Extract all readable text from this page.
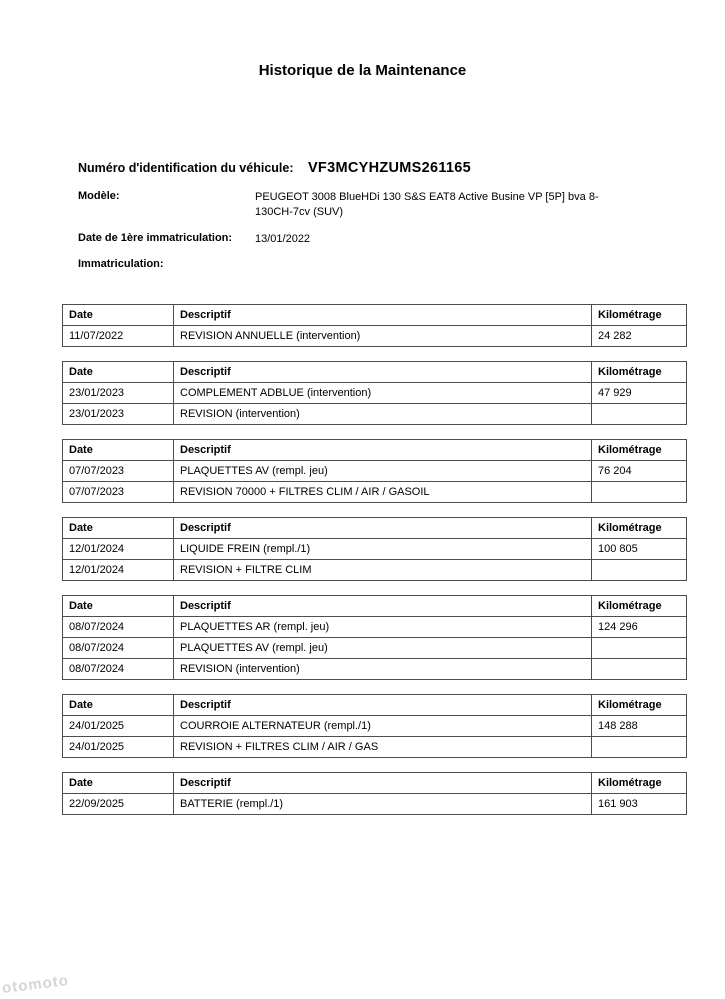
Historique de la Maintenance
Numéro d'identification du véhicule: VF3MCYHZUMS261165
Modèle:	PEUGEOT 3008 BlueHDi 130 S&S EAT8 Active Busine VP [5P] bva 8-130CH-7cv (SUV)
Date de 1ère immatriculation:	13/01/2022
Immatriculation:
Date	Descriptif	Kilométrage
11/07/2022	REVISION ANNUELLE (intervention)	24 282
Date	Descriptif	Kilométrage
23/01/2023	COMPLEMENT ADBLUE (intervention)	47 929
23/01/2023	REVISION (intervention)	
Date	Descriptif	Kilométrage
07/07/2023	PLAQUETTES AV (rempl. jeu)	76 204
07/07/2023	REVISION 70000 + FILTRES CLIM / AIR / GASOIL	
Date	Descriptif	Kilométrage
12/01/2024	LIQUIDE FREIN (rempl./1)	100 805
12/01/2024	REVISION + FILTRE CLIM	
Date	Descriptif	Kilométrage
08/07/2024	PLAQUETTES AR (rempl. jeu)	124 296
08/07/2024	PLAQUETTES AV (rempl. jeu)	
08/07/2024	REVISION (intervention)	
Date	Descriptif	Kilométrage
24/01/2025	COURROIE ALTERNATEUR (rempl./1)	148 288
24/01/2025	REVISION + FILTRES CLIM / AIR / GAS	
Date	Descriptif	Kilométrage
22/09/2025	BATTERIE (rempl./1)	161 903
otomoto
